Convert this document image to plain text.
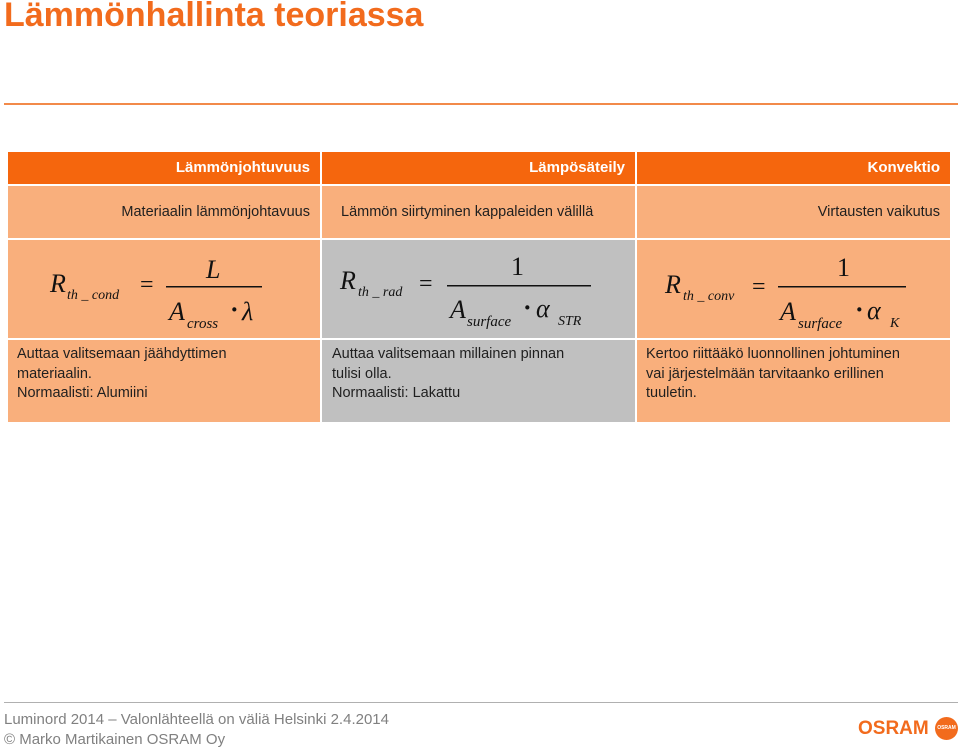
Lämmönhallinta teoriassa
Lämmönjohtuvuus
Materiaalin lämmönjohtavuus
R th _ cond =
L
A cross · λ
Auttaa valitsemaan jäähdyttimen
materiaalin.
Normaalisti: Alumiini
Lämpösäteily
Lämmön siirtyminen kappaleiden välillä
R th _ rad =
1
A surface · α STR
Auttaa valitsemaan millainen pinnan
tulisi olla.
Normaalisti: Lakattu
Konvektio
Virtausten vaikutus
R th _ conv =
1
A surface · α K
Kertoo riittääkö luonnollinen johtuminen
vai järjestelmään tarvitaanko erillinen
tuuletin.
Luminord 2014 – Valonlähteellä on väliä Helsinki 2.4.2014
© Marko Martikainen OSRAM Oy
OSRAM	OSRAM
